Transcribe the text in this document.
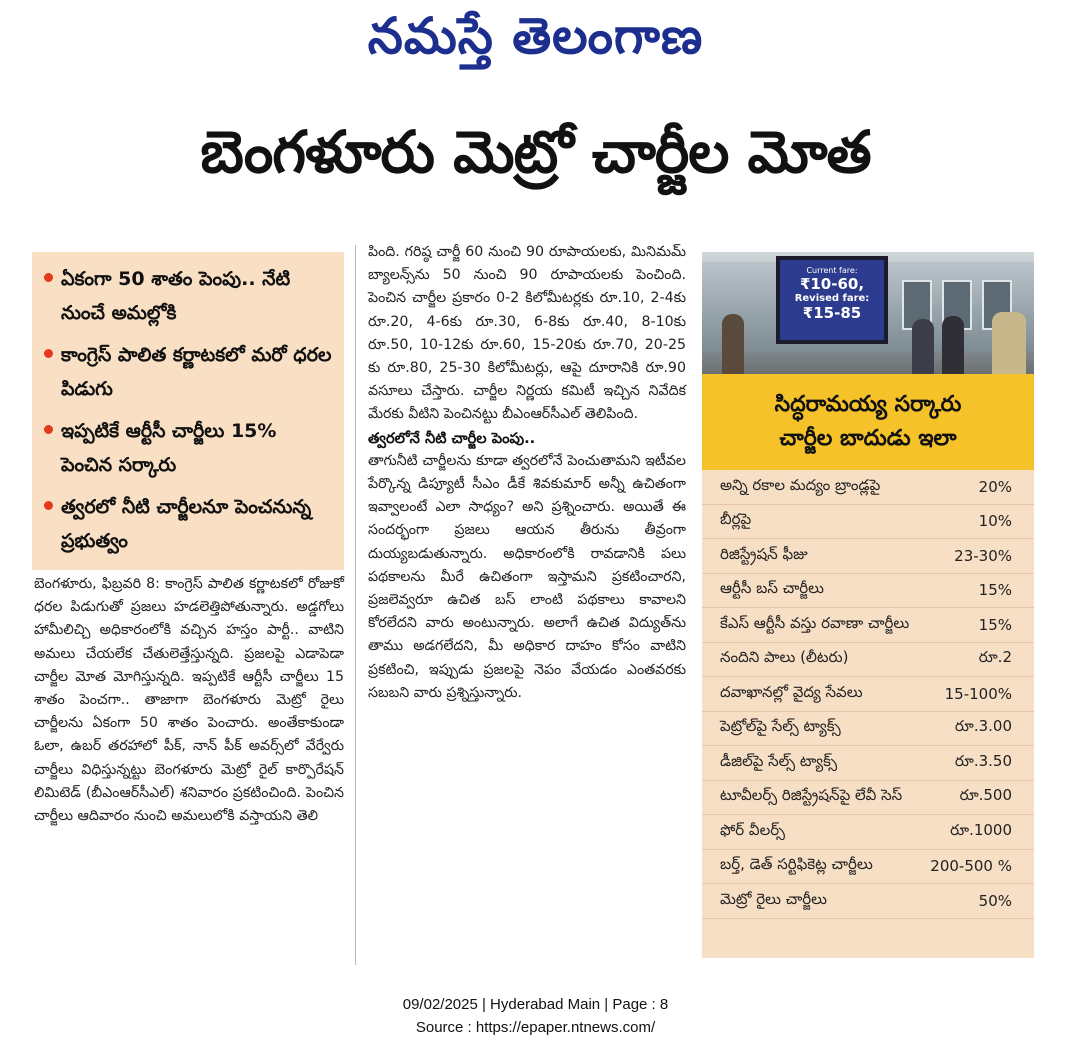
నమస్తే తెలంగాణ
బెంగళూరు మెట్రో చార్జీల మోత
ఏకంగా 50 శాతం పెంపు.. నేటి నుంచే అమల్లోకి
కాంగ్రెస్ పాలిత కర్ణాటకలో మరో ధరల పిడుగు
ఇప్పటికే ఆర్టీసీ చార్జీలు 15% పెంచిన సర్కారు
త్వరలో నీటి చార్జీలనూ పెంచనున్న ప్రభుత్వం
బెంగళూరు, ఫిబ్రవరి 8: కాంగ్రెస్ పాలిత కర్ణాటకలో రోజుకో ధరల పిడుగుతో ప్రజలు హడలెత్తిపోతున్నారు. అడ్డగోలు హామీలిచ్చి అధికారంలోకి వచ్చిన హస్తం పార్టీ.. వాటిని అమలు చేయలేక చేతులెత్తేస్తున్నది. ప్రజలపై ఎడాపెడా చార్జీల మోత మోగిస్తున్నది. ఇప్పటికే ఆర్టీసీ చార్జీలు 15 శాతం పెంచగా.. తాజాగా బెంగళూరు మెట్రో రైలు చార్జీలను ఏకంగా 50 శాతం పెంచారు. అంతేకాకుండా ఓలా, ఉబర్ తరహాలో పీక్, నాన్ పీక్ అవర్స్‌లో వేర్వేరు చార్జీలు విధిస్తున్నట్టు బెంగళూరు మెట్రో రైల్ కార్పొరేషన్ లిమిటెడ్ (బీఎంఆర్‌సీఎల్) శనివారం ప్రకటించింది. పెంచిన చార్జీలు ఆదివారం నుంచి అమలులోకి వస్తాయని తెలి
పింది. గరిష్ఠ చార్జీ 60 నుంచి 90 రూపాయలకు, మినిమమ్ బ్యాలన్స్‌ను 50 నుంచి 90 రూపాయలకు పెంచింది. పెంచిన చార్జీల ప్రకారం 0-2 కిలోమీటర్లకు రూ.10, 2-4కు రూ.20, 4-6కు రూ.30, 6-8కు రూ.40, 8-10కు రూ.50, 10-12కు రూ.60, 15-20కు రూ.70, 20-25 కు రూ.80, 25-30 కిలోమీటర్లు, ఆపై దూరానికి రూ.90 వసూలు చేస్తారు. చార్జీల నిర్ణయ కమిటీ ఇచ్చిన నివేదిక మేరకు వీటిని పెంచినట్టు బీఎంఆర్‌సీఎల్ తెలిపింది.
త్వరలోనే నీటి చార్జీల పెంపు..
తాగునీటి చార్జీలను కూడా త్వరలోనే పెంచుతామని ఇటీవల పేర్కొన్న డిప్యూటీ సీఎం డీకే శివకుమార్ అన్నీ ఉచితంగా ఇవ్వాలంటే ఎలా సాధ్యం? అని ప్రశ్నించారు. అయితే ఈ సందర్భంగా ప్రజలు ఆయన తీరును తీవ్రంగా దుయ్యబడుతున్నారు. అధికారంలోకి రావడానికి పలు పథకాలను మీరే ఉచితంగా ఇస్తామని ప్రకటించారని, ప్రజలెవ్వరూ ఉచిత బస్ లాంటి పథకాలు కావాలని కోరలేదని వారు అంటున్నారు. అలాగే ఉచిత విద్యుత్‌ను తాము అడగలేదని, మీ అధికార దాహం కోసం వాటిని ప్రకటించి, ఇప్పుడు ప్రజలపై నెపం వేయడం ఎంతవరకు సబబని వారు ప్రశ్నిస్తున్నారు.
Current fare:
₹10-60,
Revised fare:
₹15-85
సిద్ధరామయ్య సర్కారు
చార్జీల బాదుడు ఇలా
అన్ని రకాల మద్యం బ్రాండ్లపై	20%
బీర్లపై	10%
రిజిస్ట్రేషన్ ఫీజు	23-30%
ఆర్టీసీ బస్ చార్జీలు	15%
కేఎస్ ఆర్టీసీ వస్తు రవాణా చార్జీలు	15%
నందిని పాలు (లీటరు)	రూ.2
దవాఖానల్లో వైద్య సేవలు	15-100%
పెట్రోల్‌పై సేల్స్ ట్యాక్స్	రూ.3.00
డీజిల్‌పై సేల్స్ ట్యాక్స్	రూ.3.50
టూవీలర్స్ రిజిస్ట్రేషన్‌పై లేవీ సెస్	రూ.500
ఫోర్ వీలర్స్	రూ.1000
బర్త్, డెత్ సర్టిఫికెట్ల చార్జీలు	200-500 %
మెట్రో రైలు చార్జీలు	50%
09/02/2025 | Hyderabad Main | Page : 8
Source : https://epaper.ntnews.com/
